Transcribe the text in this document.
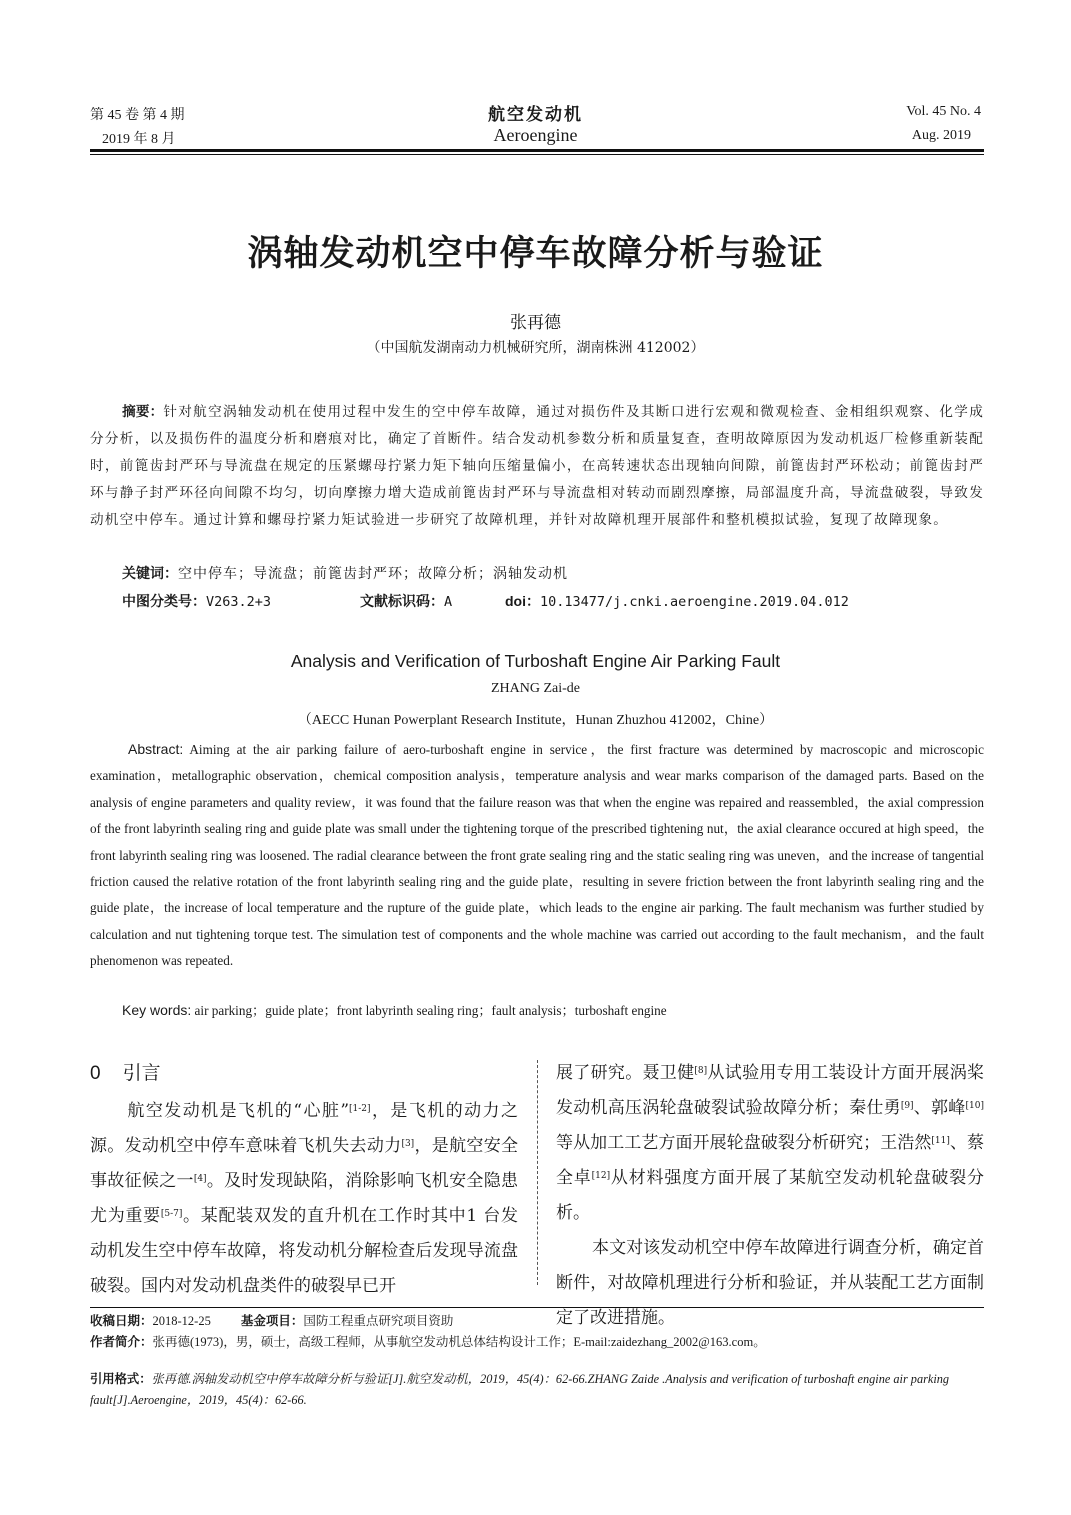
第 45 卷 第 4 期
2019 年 8 月
航空发动机
Aeroengine
Vol. 45 No. 4
Aug. 2019
涡轴发动机空中停车故障分析与验证
张再德
（中国航发湖南动力机械研究所，湖南株洲 412002）
摘要：针对航空涡轴发动机在使用过程中发生的空中停车故障，通过对损伤件及其断口进行宏观和微观检查、金相组织观察、化学成分分析，以及损伤件的温度分析和磨痕对比，确定了首断件。结合发动机参数分析和质量复查，查明故障原因为发动机返厂检修重新装配时，前篦齿封严环与导流盘在规定的压紧螺母拧紧力矩下轴向压缩量偏小，在高转速状态出现轴向间隙，前篦齿封严环松动；前篦齿封严环与静子封严环径向间隙不均匀，切向摩擦力增大造成前篦齿封严环与导流盘相对转动而剧烈摩擦，局部温度升高，导流盘破裂，导致发动机空中停车。通过计算和螺母拧紧力矩试验进一步研究了故障机理，并针对故障机理开展部件和整机模拟试验，复现了故障现象。
关键词：空中停车；导流盘；前篦齿封严环；故障分析；涡轴发动机
中图分类号：V263.2+3	文献标识码：A	doi：10.13477/j.cnki.aeroengine.2019.04.012
Analysis and Verification of Turboshaft Engine Air Parking Fault
ZHANG Zai-de
（AECC Hunan Powerplant Research Institute，Hunan Zhuzhou 412002，Chine）
Abstract: Aiming at the air parking failure of aero-turboshaft engine in service，the first fracture was determined by macroscopic and microscopic examination，metallographic observation，chemical composition analysis，temperature analysis and wear marks comparison of the damaged parts. Based on the analysis of engine parameters and quality review，it was found that the failure reason was that when the engine was repaired and reassembled，the axial compression of the front labyrinth sealing ring and guide plate was small under the tightening torque of the prescribed tightening nut，the axial clearance occured at high speed，the front labyrinth sealing ring was loosened. The radial clearance between the front grate sealing ring and the static sealing ring was uneven，and the increase of tangential friction caused the relative rotation of the front labyrinth sealing ring and the guide plate，resulting in severe friction between the front labyrinth sealing ring and the guide plate，the increase of local temperature and the rupture of the guide plate，which leads to the engine air parking. The fault mechanism was further studied by calculation and nut tightening torque test. The simulation test of components and the whole machine was carried out according to the fault mechanism，and the fault phenomenon was repeated.
Key words: air parking；guide plate；front labyrinth sealing ring；fault analysis；turboshaft engine
0 引言

航空发动机是飞机的“心脏”[1-2]，是飞机的动力之源。发动机空中停车意味着飞机失去动力[3]，是航空安全事故征候之一[4]。及时发现缺陷，消除影响飞机安全隐患尤为重要[5-7]。某配装双发的直升机在工作时其中1 台发动机发生空中停车故障，将发动机分解检查后发现导流盘破裂。国内对发动机盘类件的破裂早已开

展了研究。聂卫健[8]从试验用专用工装设计方面开展涡桨发动机高压涡轮盘破裂试验故障分析；秦仕勇[9]、郭峰[10]等从加工工艺方面开展轮盘破裂分析研究；王浩然[11]、蔡全卓[12]从材料强度方面开展了某航空发动机轮盘破裂分析。

本文对该发动机空中停车故障进行调查分析，确定首断件，对故障机理进行分析和验证，并从装配工艺方面制定了改进措施。

收稿日期：2018-12-25 基金项目：国防工程重点研究项目资助
作者简介：张再德(1973)，男，硕士，高级工程师，从事航空发动机总体结构设计工作；E-mail:zaidezhang_2002@163.com。
引用格式：张再德.涡轴发动机空中停车故障分析与验证[J].航空发动机，2019，45(4)：62-66.ZHANG Zaide .Analysis and verification of turboshaft engine air parking fault[J].Aeroengine，2019，45(4)：62-66.
